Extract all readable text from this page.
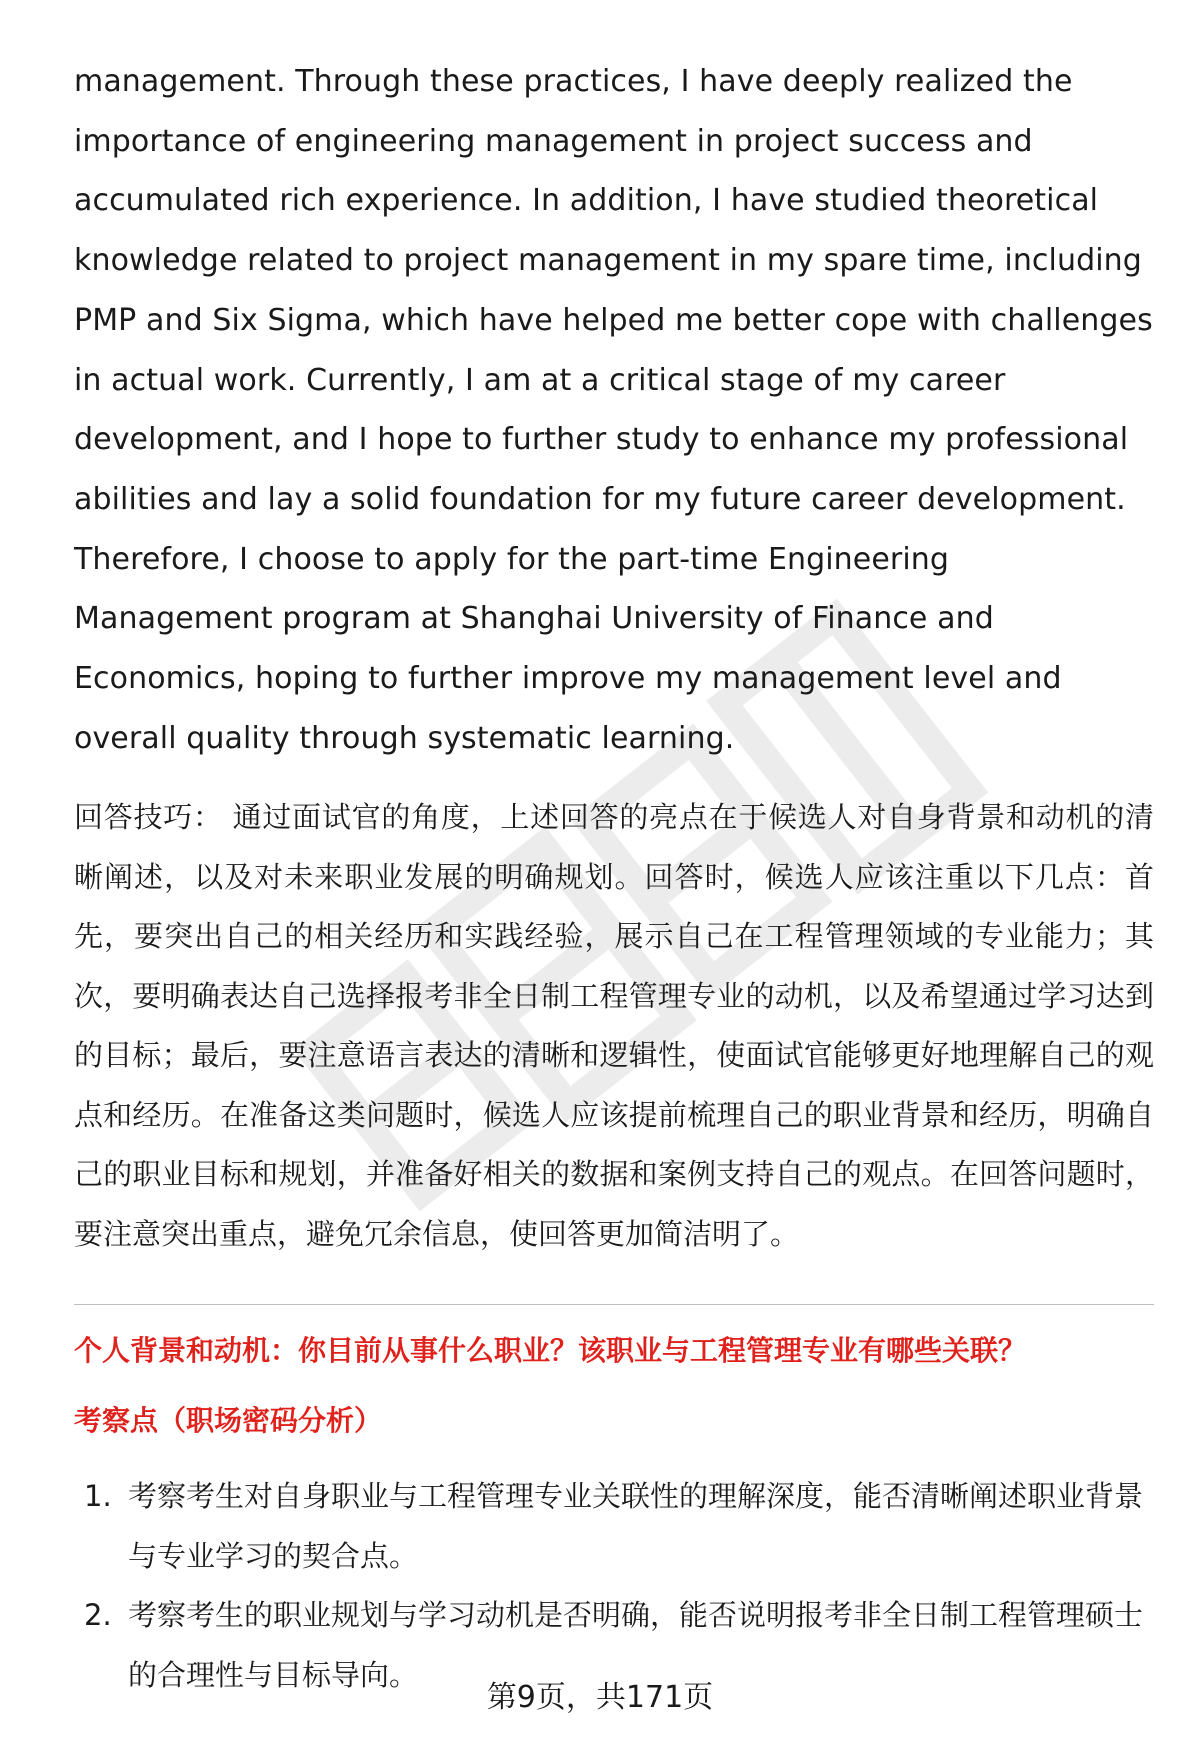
management. Through these practices, I have deeply realized the importance of engineering management in project success and accumulated rich experience. In addition, I have studied theoretical knowledge related to project management in my spare time, including PMP and Six Sigma, which have helped me better cope with challenges in actual work. Currently, I am at a critical stage of my career development, and I hope to further study to enhance my professional abilities and lay a solid foundation for my future career development. Therefore, I choose to apply for the part-time Engineering Management program at Shanghai University of Finance and Economics, hoping to further improve my management level and overall quality through systematic learning.

回答技巧： 通过面试官的角度，上述回答的亮点在于候选人对自身背景和动机的清晰阐述，以及对未来职业发展的明确规划。回答时，候选人应该注重以下几点：首先，要突出自己的相关经历和实践经验，展示自己在工程管理领域的专业能力；其次，要明确表达自己选择报考非全日制工程管理专业的动机，以及希望通过学习达到的目标；最后，要注意语言表达的清晰和逻辑性，使面试官能够更好地理解自己的观点和经历。在准备这类问题时，候选人应该提前梳理自己的职业背景和经历，明确自己的职业目标和规划，并准备好相关的数据和案例支持自己的观点。在回答问题时，要注意突出重点，避免冗余信息，使回答更加简洁明了。

个人背景和动机：你目前从事什么职业？该职业与工程管理专业有哪些关联？
考察点（职场密码分析）
1. 考察考生对自身职业与工程管理专业关联性的理解深度，能否清晰阐述职业背景与专业学习的契合点。
2. 考察考生的职业规划与学习动机是否明确，能否说明报考非全日制工程管理硕士的合理性与目标导向。
第9页，共171页
